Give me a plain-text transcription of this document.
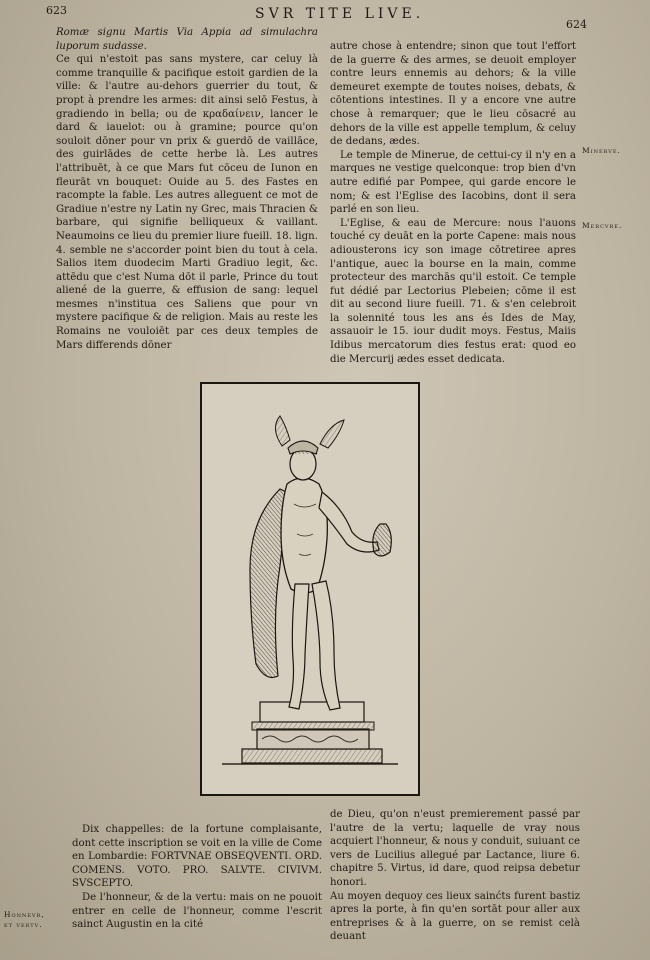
623	SVR TITE LIVE.
624

Romæ signu Martis Via Appia ad simulachra luporum sudasse.

Ce qui n'estoit pas sans mystere, car celuy là comme tranquille & pacifique estoit gardien de la ville: & l'autre au-dehors guerrier du tout, & propt à prendre les armes: dit ainsi selō Festus, à gradiendo in bella; ou de κραδαίνειν, lancer le dard & iauelot: ou à gramine; pource qu'on souloit dōner pour vn prix & guerdō de vaillāce, des guirlādes de cette herbe là. Les autres l'attribuēt, à ce que Mars fut cōceu de Iunon en fleurāt vn bouquet: Ouide au 5. des Fastes en racompte la fable. Les autres alleguent ce mot de Gradiue n'estre ny Latin ny Grec, mais Thracien & barbare, qui signifie belliqueux & vaillant. Neaumoins ce lieu du premier liure fueill. 18. lign. 4. semble ne s'accorder point bien du tout à cela. Salios item duodecim Marti Gradiuo legit, &c. attēdu que c'est Numa dōt il parle, Prince du tout aliené de la guerre, & effusion de sang: lequel mesmes n'institua ces Saliens que pour vn mystere pacifique & de religion. Mais au reste les Romains ne vouloiēt par ces deux temples de Mars differends dōner

autre chose à entendre; sinon que tout l'effort de la guerre & des armes, se deuoit employer contre leurs ennemis au dehors; & la ville demeuret exempte de toutes noises, debats, & cōtentions intestines. Il y a encore vne autre chose à remarquer; que le lieu cōsacré au dehors de la ville est appelle templum, & celuy de dedans, ædes.

Le temple de Minerue, de cettui-cy il n'y en a marques ne vestige quelconque: trop bien d'vn autre edifié par Pompee, qui garde encore le nom; & est l'Eglise des Iacobins, dont il sera parlé en son lieu.

L'Eglise, & eau de Mercure: nous l'auons touché cy deuāt en la porte Capene: mais nous adiousterons icy son image cōtretiree apres l'antique, auec la bourse en la main, comme protecteur des marchās qu'il estoit. Ce temple fut dédié par Lectorius Plebeien; cōme il est dit au second liure fueill. 71. & s'en celebroit la solennité tous les ans és Ides de May, assauoir le 15. iour dudit moys. Festus, Maiis Idibus mercatorum dies festus erat: quod eo die Mercurij ædes esset dedicata.

Minerve.
Mercvre.
Honnevr, et vertv.

Dix chappelles: de la fortune complaisante, dont cette inscription se voit en la ville de Come en Lombardie: FORTVNAE OBSEQVENTI. ORD. COMENS. VOTO. PRO. SALVTE. CIVIVM. SVSCEPTO.

De l'honneur, & de la vertu: mais on ne pouoit entrer en celle de l'honneur, comme l'escrit sainct Augustin en la cité

de Dieu, qu'on n'eust premierement passé par l'autre de la vertu; laquelle de vray nous acquiert l'honneur, & nous y conduit, suiuant ce vers de Lucilius allegué par Lactance, liure 6. chapitre 5. Virtus, id dare, quod reipsa debetur honori.

Au moyen dequoy ces lieux sainćts furent bastiz apres la porte, à fin qu'en sortāt pour aller aux entreprises & à la guerre, on se remist celà deuant
